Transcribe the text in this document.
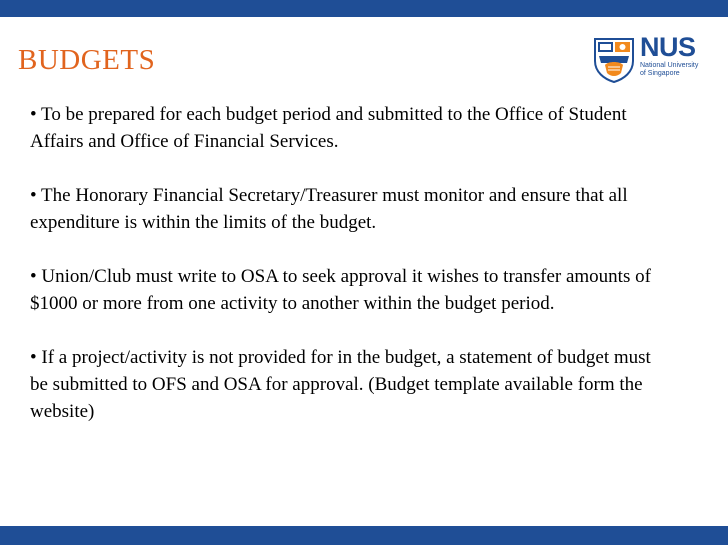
BUDGETS	NUS

National University
of Singapore

• To be prepared for each budget period and submitted to the Office of Student Affairs and Office of Financial Services.

• The Honorary Financial Secretary/Treasurer must monitor and ensure that all expenditure is within the limits of the budget.

• Union/Club must write to OSA to seek approval it wishes to transfer amounts of $1000 or more from one activity to another within the budget period.

• If a project/activity is not provided for in the budget, a statement of budget must be submitted to OFS and OSA for approval. (Budget template available form the website)
